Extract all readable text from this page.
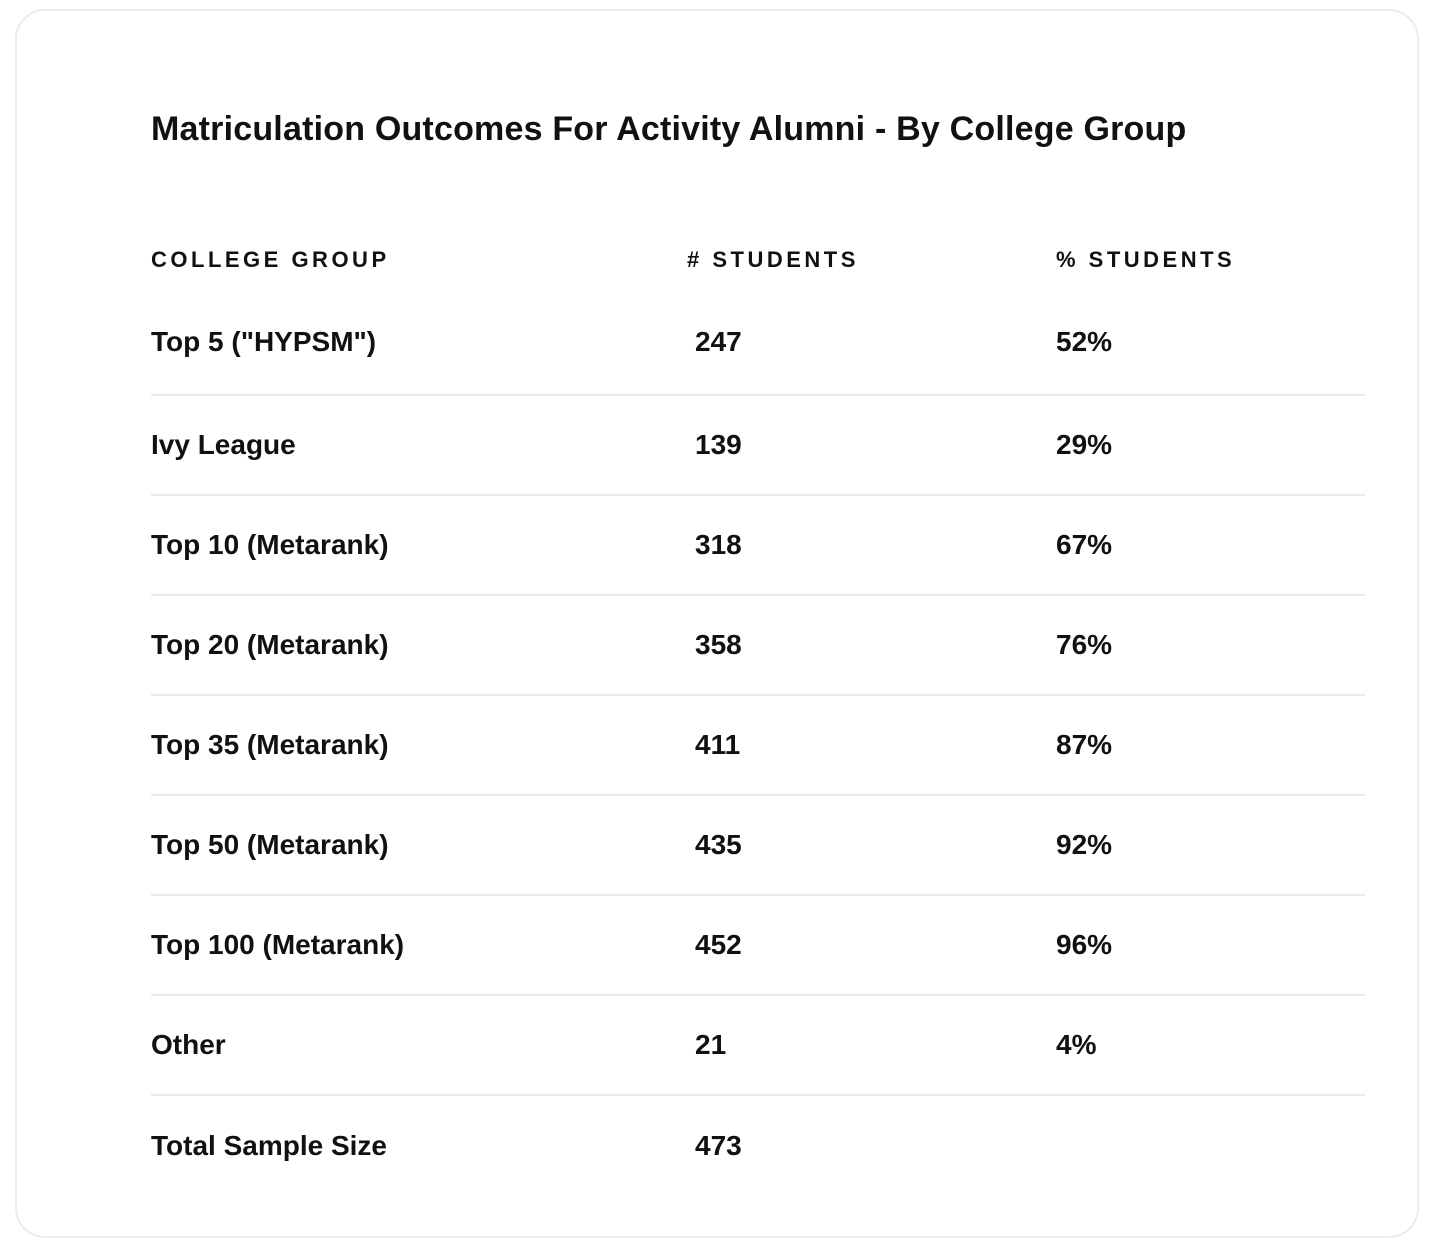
Matriculation Outcomes For Activity Alumni - By College Group
COLLEGE GROUP	# STUDENTS	% STUDENTS
Top 5 ("HYPSM")	247	52%
Ivy League	139	29%
Top 10 (Metarank)	318	67%
Top 20 (Metarank)	358	76%
Top 35 (Metarank)	411	87%
Top 50 (Metarank)	435	92%
Top 100 (Metarank)	452	96%
Other	21	4%
Total Sample Size	473
